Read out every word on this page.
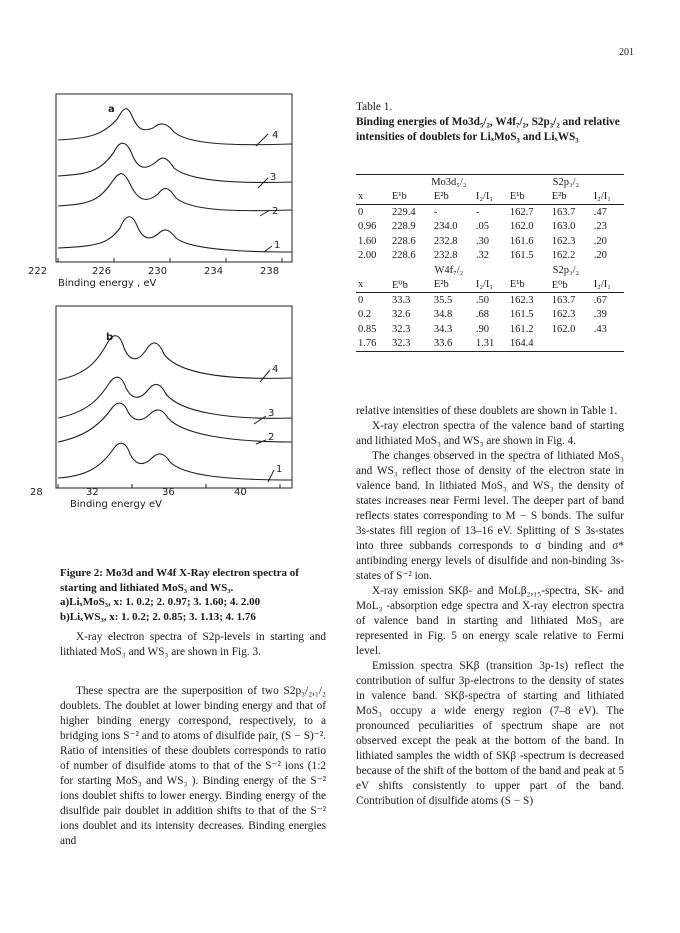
201
a
4
3
2
1
222	226	230	234	238
Binding energy , eV
b
4
3
2
1
28	32	36	40
Binding energy eV

Figure 2: Mo3d and W4f X-Ray electron spectra of starting and lithiated MoS₃ and WS₃.

a)LiₓMoS₃, x: 1. 0.2; 2. 0.97; 3. 1.60; 4. 2.00

b)LiₓWS₃, x: 1. 0.2; 2. 0.85; 3. 1.13; 4. 1.76

X-ray electron spectra of S2p-levels in starting and lithiated MoS₃ and WS₃ are shown in Fig. 3.

These spectra are the superposition of two S2p₃/₂,₁/₂ doublets. The doublet at lower binding energy and that of higher binding energy correspond, respectively, to a bridging ions S⁻² and to atoms of disulfide pair, (S − S)⁻². Ratio of intensities of these doublets corresponds to ratio of number of disulfide atoms to that of the S⁻² ions (1:2 for starting MoS₃ and WS₃ ). Binding energy of the S⁻² ions doublet shifts to lower energy. Binding energy of the disulfide pair doublet in addition shifts to that of the S⁻² ions doublet and its intensity decreases. Binding energies and

Table 1.

Binding energies of Mo3d₅/₂, W4f₇/₂, S2p₃/₂ and relative intensities of doublets for LiₓMoS₃ and LiₓWS₃

	Mo3d₅/₂			S2p₃/₂		
x	E¹b	E²b	I₂/I₁	E¹b	E²b	I₂/I₁
0	229.4	-	-	162.7	163.7	.47
0.96	228.9	234.0	.05	162.0	163.0	.23
1.60	228.6	232.8	.30	161.6	162.3	.20
2.00	228.6	232.8	.32	161.5	162.2	.20
	W4f₇/₂			S2p₃/₂		
x	E⁰b	E²b	I₂/I₁	E¹b	E⁰b	I₂/I₁
0	33.3	35.5	.50	162.3	163.7	.67
0.2	32.6	34.8	.68	161.5	162.3	.39
0.85	32.3	34.3	.90	161.2	162.0	.43
1.76	32.3	33.6	1.31	164.4		

relative intensities of these doublets are shown in Table 1.

X-ray electron spectra of the valence band of starting and lithiated MoS₃ and WS₃ are shown in Fig. 4.

The changes observed in the spectra of lithiated MoS₃ and WS₃ reflect those of density of the electron state in valence band. In lithiated MoS₃ and WS₃ the density of states increases near Fermi level. The deeper part of band reflects states corresponding to M − S bonds. The sulfur 3s-states fill region of 13–16 eV. Splitting of S 3s-states into three subbands corresponds to σ binding and σ* antibinding energy levels of disulfide and non-binding 3s- states of S⁻² ion.

X-ray emission SKβ- and MoLβ₂,₁₅-spectra, SK- and MoL₃ -absorption edge spectra and X-ray electron spectra of valence band in starting and lithiated MoS₃ are represented in Fig. 5 on energy scale relative to Fermi level.

Emission spectra SKβ (transition 3p-1s) reflect the contribution of sulfur 3p-electrons to the density of states in valence band. SKβ-spectra of starting and lithiated MoS₃ occupy a wide energy region (7–8 eV). The pronounced peculiarities of spectrum shape are not observed except the peak at the bottom of the band. In lithiated samples the width of SKβ -spectrum is decreased because of the shift of the bottom of the band and peak at 5 eV shifts consistently to upper part of the band. Contribution of disulfide atoms (S − S)
